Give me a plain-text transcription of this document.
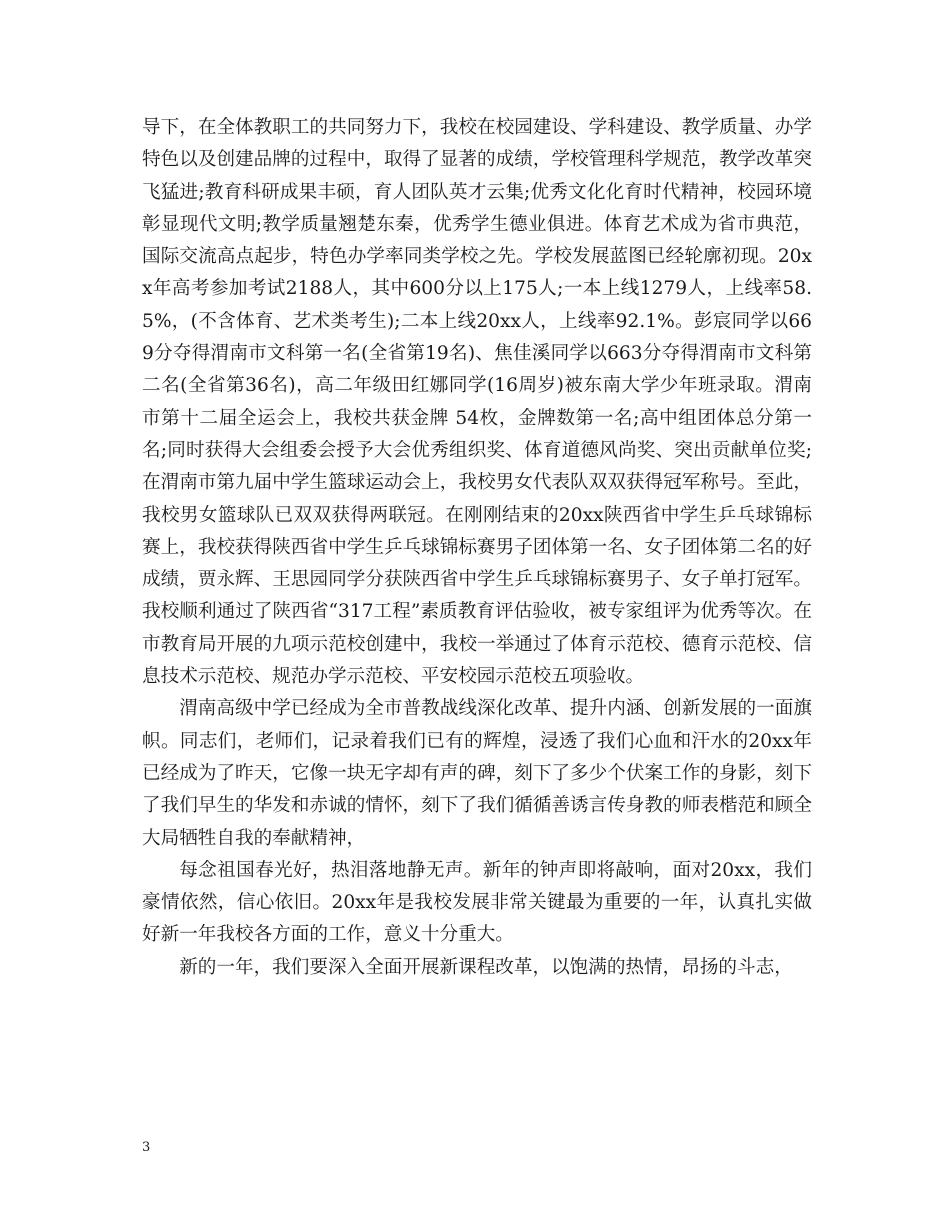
导下，在全体教职工的共同努力下，我校在校园建设、学科建设、教学质量、办学特色以及创建品牌的过程中，取得了显著的成绩，学校管理科学规范，教学改革突飞猛进;教育科研成果丰硕，育人团队英才云集;优秀文化化育时代精神，校园环境彰显现代文明;教学质量翘楚东秦，优秀学生德业俱进。体育艺术成为省市典范，国际交流高点起步，特色办学率同类学校之先。学校发展蓝图已经轮廓初现。20xx年高考参加考试2188人，其中600分以上175人;一本上线1279人，上线率58.5%，(不含体育、艺术类考生);二本上线20xx人，上线率92.1%。彭宸同学以669分夺得渭南市文科第一名(全省第19名)、焦佳溪同学以663分夺得渭南市文科第二名(全省第36名)，高二年级田红娜同学(16周岁)被东南大学少年班录取。渭南市第十二届全运会上，我校共获金牌 54枚，金牌数第一名;高中组团体总分第一名;同时获得大会组委会授予大会优秀组织奖、体育道德风尚奖、突出贡献单位奖;在渭南市第九届中学生篮球运动会上，我校男女代表队双双获得冠军称号。至此，我校男女篮球队已双双获得两联冠。在刚刚结束的20xx陕西省中学生乒乓球锦标赛上，我校获得陕西省中学生乒乓球锦标赛男子团体第一名、女子团体第二名的好成绩，贾永辉、王思园同学分获陕西省中学生乒乓球锦标赛男子、女子单打冠军。我校顺利通过了陕西省“317工程”素质教育评估验收，被专家组评为优秀等次。在市教育局开展的九项示范校创建中，我校一举通过了体育示范校、德育示范校、信息技术示范校、规范办学示范校、平安校园示范校五项验收。

渭南高级中学已经成为全市普教战线深化改革、提升内涵、创新发展的一面旗帜。同志们，老师们，记录着我们已有的辉煌，浸透了我们心血和汗水的20xx年已经成为了昨天，它像一块无字却有声的碑，刻下了多少个伏案工作的身影，刻下了我们早生的华发和赤诚的情怀，刻下了我们循循善诱言传身教的师表楷范和顾全大局牺牲自我的奉献精神，

每念祖国春光好，热泪落地静无声。新年的钟声即将敲响，面对20xx，我们豪情依然，信心依旧。20xx年是我校发展非常关键最为重要的一年，认真扎实做好新一年我校各方面的工作，意义十分重大。

新的一年，我们要深入全面开展新课程改革，以饱满的热情，昂扬的斗志，

3
